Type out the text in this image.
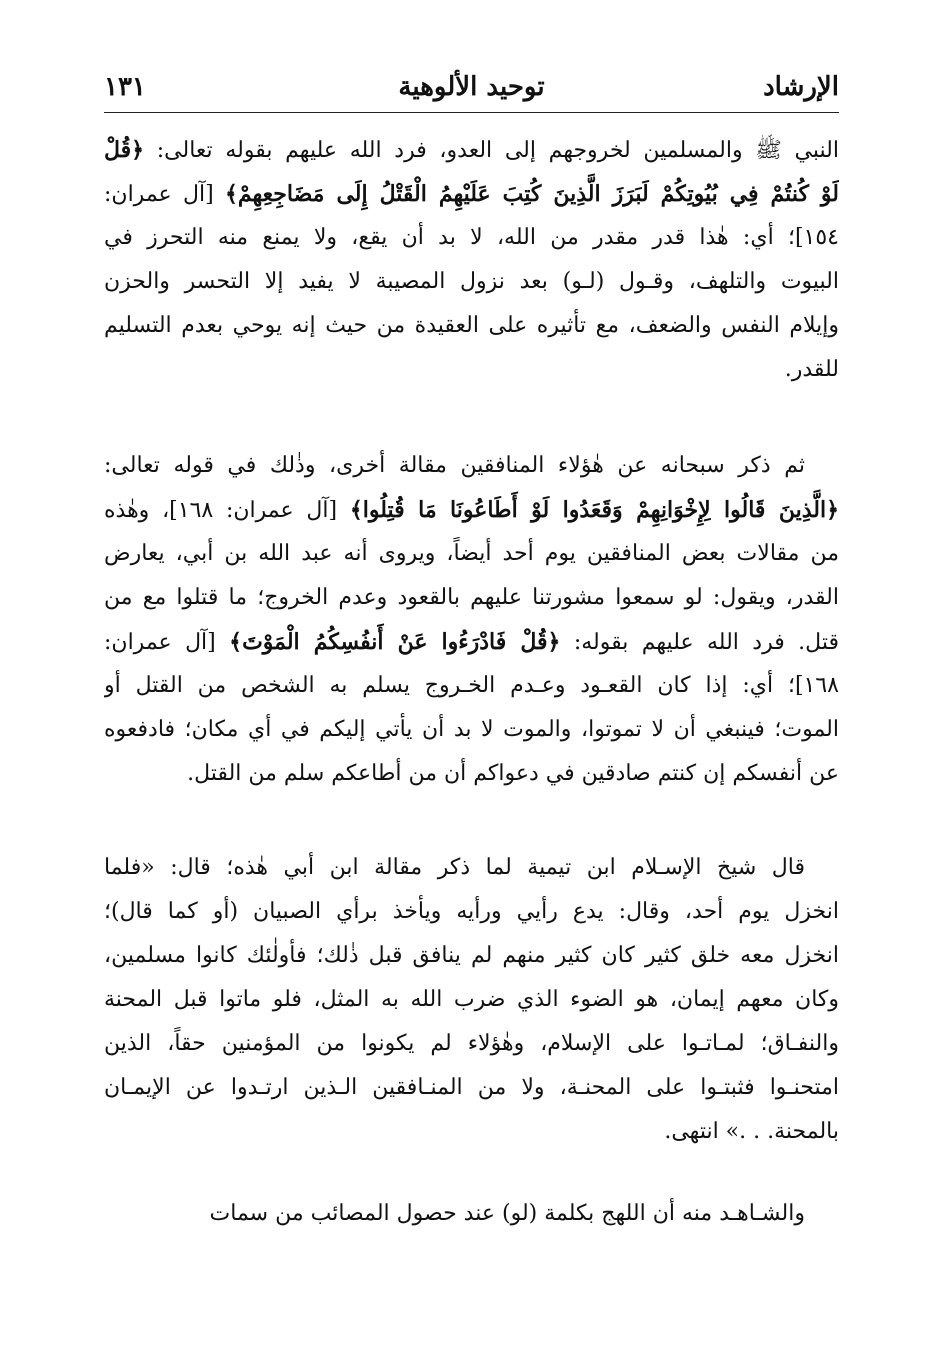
الإرشاد
توحيد الألوهية
١٣١
النبي ﷺ والمسلمين لخروجهم إلى العدو، فرد الله عليهم بقوله تعالى: ﴿قُلْ
لَوْ كُنتُمْ فِي بُيُوتِكُمْ لَبَرَزَ الَّذِينَ كُتِبَ عَلَيْهِمُ الْقَتْلُ إِلَى مَضَاجِعِهِمْ﴾ [آل عمران:
١٥٤]؛ أي: هٰذا قدر مقدر من الله، لا بد أن يقع، ولا يمنع منه التحرز في
البيوت والتلهف، وقـول (لـو) بعد نزول المصيبة لا يفيد إلا التحسر والحزن
وإيلام النفس والضعف، مع تأثيره على العقيدة من حيث إنه يوحي بعدم التسليم
للقدر.
ثم ذكر سبحانه عن هٰؤلاء المنافقين مقالة أخرى، وذٰلك في قوله تعالى:
﴿الَّذِينَ قَالُوا لِإِخْوَانِهِمْ وَقَعَدُوا لَوْ أَطَاعُونَا مَا قُتِلُوا﴾ [آل عمران: ١٦٨]، وهٰذه
من مقالات بعض المنافقين يوم أحد أيضاً، ويروى أنه عبد الله بن أبي، يعارض
القدر، ويقول: لو سمعوا مشورتنا عليهم بالقعود وعدم الخروج؛ ما قتلوا مع من
قتل. فرد الله عليهم بقوله: ﴿قُلْ فَادْرَءُوا عَنْ أَنفُسِكُمُ الْمَوْتَ﴾ [آل عمران:
١٦٨]؛ أي: إذا كان القعـود وعـدم الخـروج يسلم به الشخص من القتل أو
الموت؛ فينبغي أن لا تموتوا، والموت لا بد أن يأتي إليكم في أي مكان؛ فادفعوه
عن أنفسكم إن كنتم صادقين في دعواكم أن من أطاعكم سلم من القتل.
قال شيخ الإسـلام ابن تيمية لما ذكر مقالة ابن أبي هٰذه؛ قال: «فلما
انخزل يوم أحد، وقال: يدع رأيي ورأيه ويأخذ برأي الصبيان (أو كما قال)؛
انخزل معه خلق كثير كان كثير منهم لم ينافق قبل ذٰلك؛ فأولٰئك كانوا مسلمين،
وكان معهم إيمان، هو الضوء الذي ضرب الله به المثل، فلو ماتوا قبل المحنة
والنفـاق؛ لمـاتـوا على الإسلام، وهٰؤلاء لم يكونوا من المؤمنين حقاً، الذين
امتحنـوا فثبتـوا على المحنـة، ولا من المنـافقين الـذين ارتـدوا عن الإيمـان
بالمحنة. . .» انتهى.
والشـاهـد منه أن اللهج بكلمة (لو) عند حصول المصائب من سمات
